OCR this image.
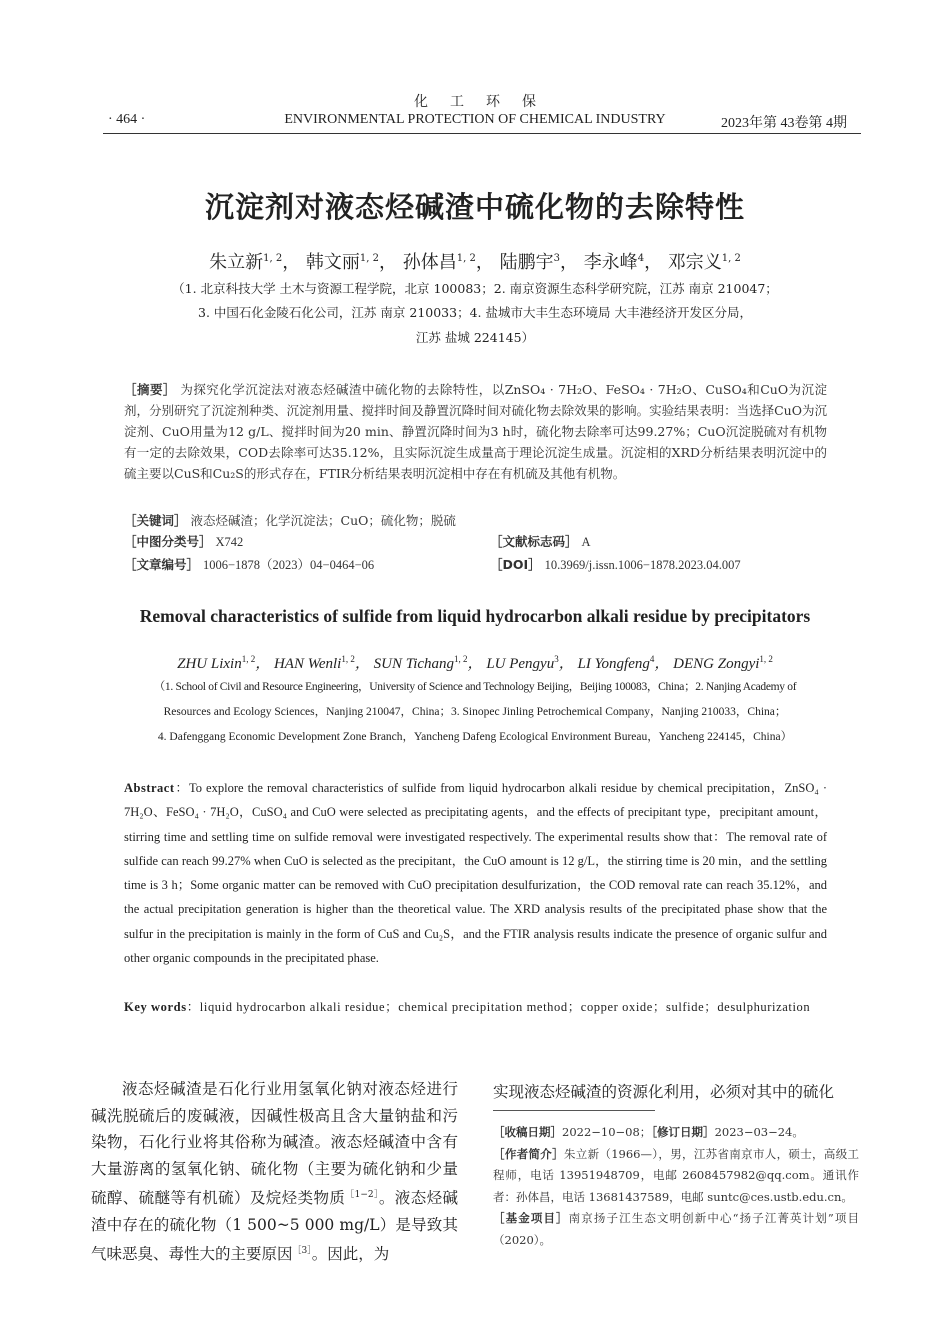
化工环保
· 464 ·	ENVIRONMENTAL PROTECTION OF CHEMICAL INDUSTRY	2023年第 43卷第 4期
沉淀剂对液态烃碱渣中硫化物的去除特性
朱立新$^{1, 2}$， 韩文丽$^{1, 2}$， 孙体昌$^{1, 2}$， 陆鹏宇$^3$， 李永峰$^4$， 邓宗义$^{1, 2}$
（1. 北京科技大学 土木与资源工程学院，北京 100083；2. 南京资源生态科学研究院，江苏 南京 210047；
3. 中国石化金陵石化公司，江苏 南京 210033；4. 盐城市大丰生态环境局 大丰港经济开发区分局，
江苏 盐城 224145）
［摘要］ 为探究化学沉淀法对液态烃碱渣中硫化物的去除特性，以ZnSO₄ · 7H₂O、FeSO₄ · 7H₂O、CuSO₄和CuO为沉淀剂，分别研究了沉淀剂种类、沉淀剂用量、搅拌时间及静置沉降时间对硫化物去除效果的影响。实验结果表明：当选择CuO为沉淀剂、CuO用量为12 g/L、搅拌时间为20 min、静置沉降时间为3 h时，硫化物去除率可达99.27%；CuO沉淀脱硫对有机物有一定的去除效果，COD去除率可达35.12%，且实际沉淀生成量高于理论沉淀生成量。沉淀相的XRD分析结果表明沉淀中的硫主要以CuS和Cu₂S的形式存在，FTIR分析结果表明沉淀相中存在有机硫及其他有机物。
［关键词］ 液态烃碱渣；化学沉淀法；CuO；硫化物；脱硫
［中图分类号］ X742	［文献标志码］ A
［文章编号］ 1006−1878（2023）04−0464−06	［DOI］ 10.3969/j.issn.1006−1878.2023.04.007
Removal characteristics of sulfide from liquid hydrocarbon alkali residue by precipitators
ZHU Lixin$^{1, 2}$， HAN Wenli$^{1, 2}$， SUN Tichang$^{1, 2}$， LU Pengyu$^3$， LI Yongfeng$^4$， DENG Zongyi$^{1, 2}$
（1. School of Civil and Resource Engineering，University of Science and Technology Beijing，Beijing 100083，China；2. Nanjing Academy of
Resources and Ecology Sciences，Nanjing 210047，China；3. Sinopec Jinling Petrochemical Company，Nanjing 210033，China；
4. Dafenggang Economic Development Zone Branch，Yancheng Dafeng Ecological Environment Bureau，Yancheng 224145，China）
Abstract：To explore the removal characteristics of sulfide from liquid hydrocarbon alkali residue by chemical precipitation，ZnSO₄ · 7H₂O、FeSO₄ · 7H₂O，CuSO₄ and CuO were selected as precipitating agents，and the effects of precipitant type，precipitant amount，stirring time and settling time on sulfide removal were investigated respectively. The experimental results show that：The removal rate of sulfide can reach 99.27% when CuO is selected as the precipitant，the CuO amount is 12 g/L，the stirring time is 20 min，and the settling time is 3 h；Some organic matter can be removed with CuO precipitation desulfurization，the COD removal rate can reach 35.12%，and the actual precipitation generation is higher than the theoretical value. The XRD analysis results of the precipitated phase show that the sulfur in the precipitation is mainly in the form of CuS and Cu₂S，and the FTIR analysis results indicate the presence of organic sulfur and other organic compounds in the precipitated phase.
Key words：liquid hydrocarbon alkali residue；chemical precipitation method；copper oxide；sulfide；desulphurization

液态烃碱渣是石化行业用氢氧化钠对液态烃进行碱洗脱硫后的废碱液，因碱性极高且含大量钠盐和污染物，石化行业将其俗称为碱渣。液态烃碱渣中含有大量游离的氢氧化钠、硫化物（主要为硫化钠和少量硫醇、硫醚等有机硫）及烷烃类物质$^{[1-2]}$。液态烃碱渣中存在的硫化物（1 500~5 000 mg/L）是导致其气味恶臭、毒性大的主要原因$^{[3]}$。因此，为

实现液态烃碱渣的资源化利用，必须对其中的硫化

［收稿日期］2022−10−08；［修订日期］2023−03−24。

［作者简介］朱立新（1966—），男，江苏省南京市人，硕士，高级工程师，电话 13951948709，电邮 2608457982@qq.com。通讯作者：孙体昌，电话 13681437589，电邮 suntc@ces.ustb.edu.cn。

［基金项目］南京扬子江生态文明创新中心“扬子江菁英计划”项目（2020）。
